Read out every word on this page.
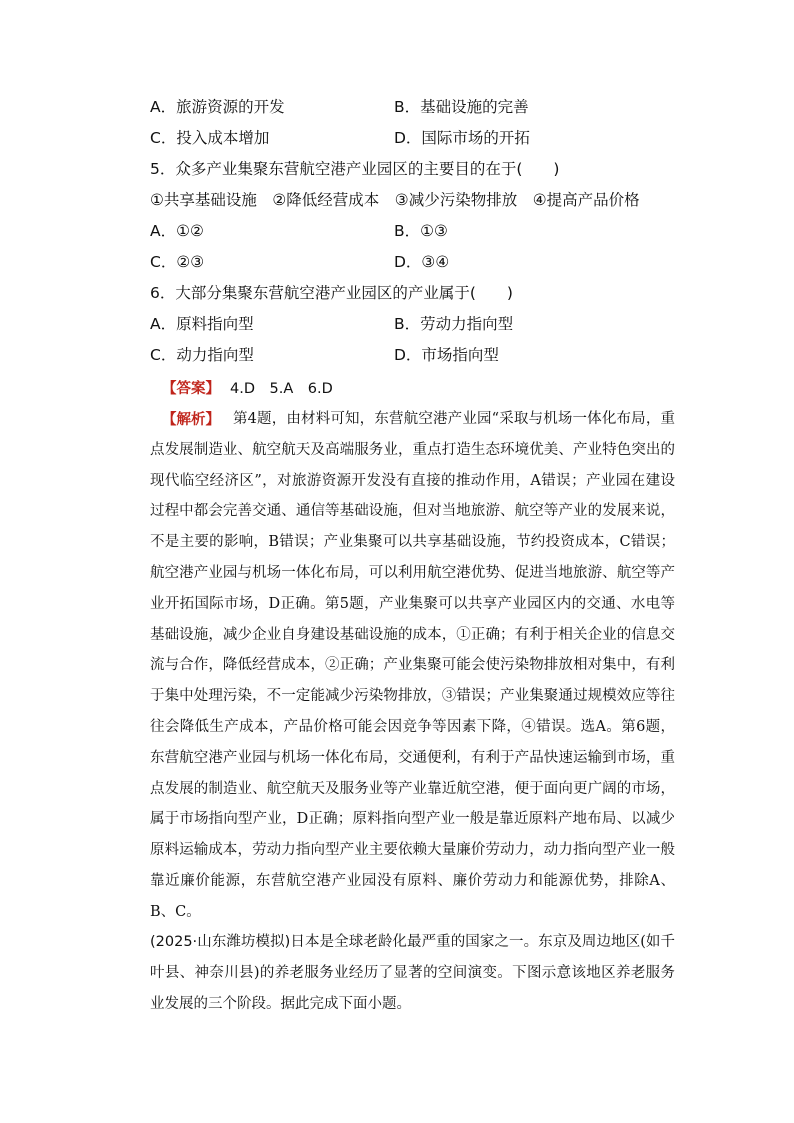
A．旅游资源的开发	B．基础设施的完善
C．投入成本增加	D．国际市场的开拓
5．众多产业集聚东营航空港产业园区的主要目的在于(　　)
①共享基础设施　②降低经营成本　③减少污染物排放　④提高产品价格
A．①②	B．①③
C．②③	D．③④
6．大部分集聚东营航空港产业园区的产业属于(　　)
A．原料指向型	B．劳动力指向型
C．动力指向型	D．市场指向型
【答案】 4.D　5.A　6.D
【解析】 第4题，由材料可知，东营航空港产业园“采取与机场一体化布局，重点发展制造业、航空航天及高端服务业，重点打造生态环境优美、产业特色突出的现代临空经济区”，对旅游资源开发没有直接的推动作用，A错误；产业园在建设过程中都会完善交通、通信等基础设施，但对当地旅游、航空等产业的发展来说，不是主要的影响，B错误；产业集聚可以共享基础设施，节约投资成本，C错误；航空港产业园与机场一体化布局，可以利用航空港优势、促进当地旅游、航空等产业开拓国际市场，D正确。第5题，产业集聚可以共享产业园区内的交通、水电等基础设施，减少企业自身建设基础设施的成本，①正确；有利于相关企业的信息交流与合作，降低经营成本，②正确；产业集聚可能会使污染物排放相对集中，有利于集中处理污染，不一定能减少污染物排放，③错误；产业集聚通过规模效应等往往会降低生产成本，产品价格可能会因竞争等因素下降，④错误。选A。第6题，东营航空港产业园与机场一体化布局，交通便利，有利于产品快速运输到市场，重点发展的制造业、航空航天及服务业等产业靠近航空港，便于面向更广阔的市场，属于市场指向型产业，D正确；原料指向型产业一般是靠近原料产地布局、以减少原料运输成本，劳动力指向型产业主要依赖大量廉价劳动力，动力指向型产业一般靠近廉价能源，东营航空港产业园没有原料、廉价劳动力和能源优势，排除A、B、C。
(2025·山东潍坊模拟)日本是全球老龄化最严重的国家之一。东京及周边地区(如千叶县、神奈川县)的养老服务业经历了显著的空间演变。下图示意该地区养老服务业发展的三个阶段。据此完成下面小题。
